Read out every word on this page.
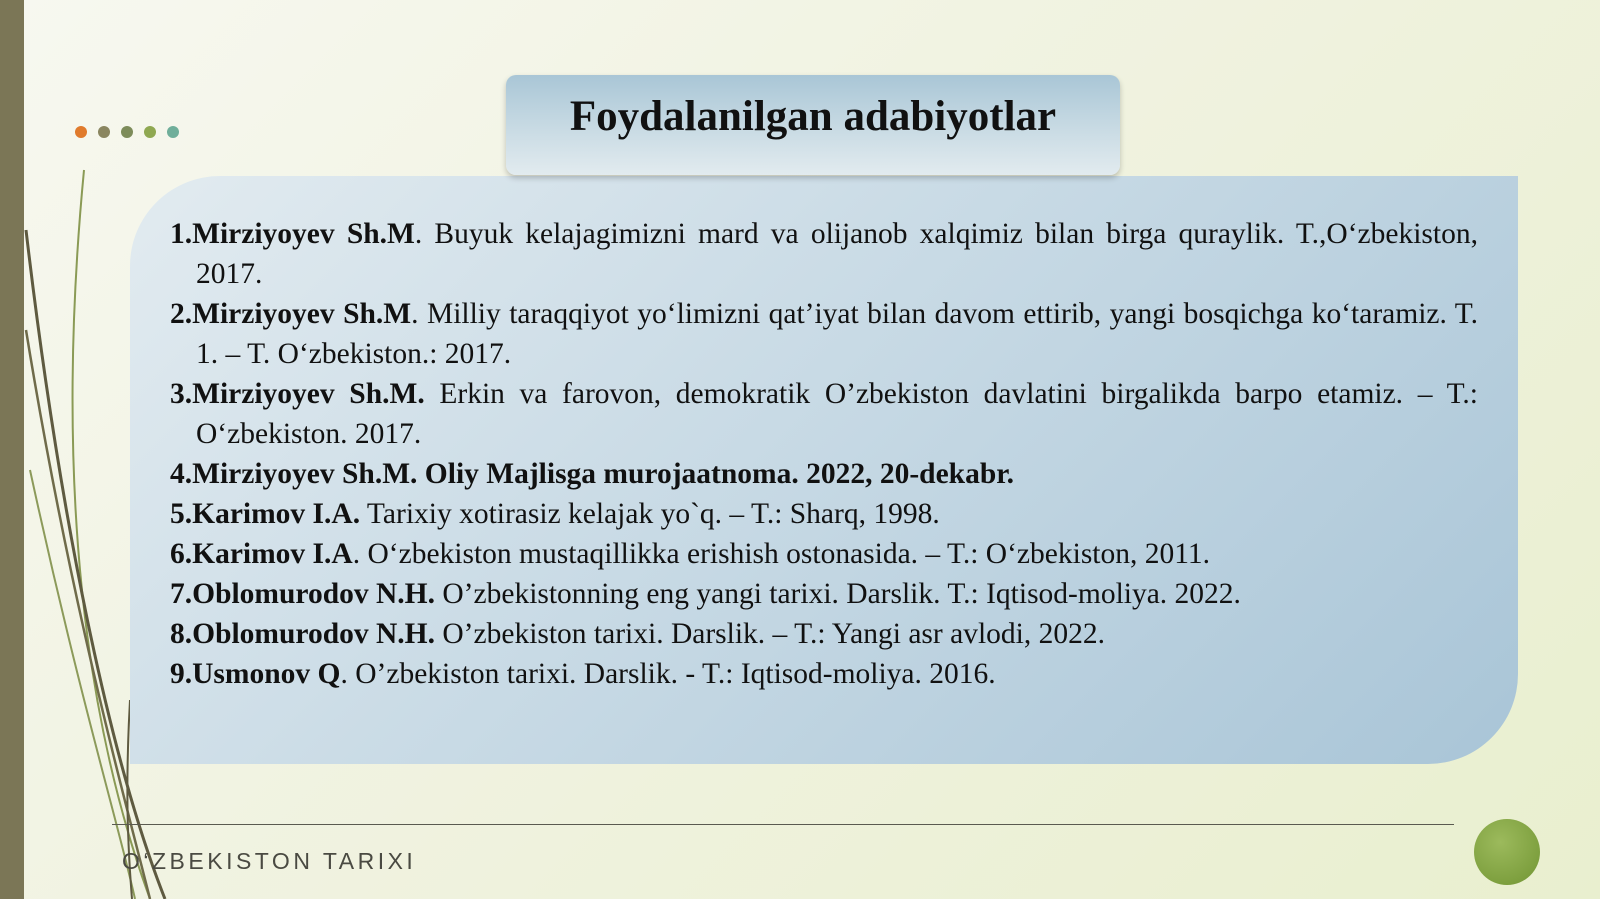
Foydalanilgan adabiyotlar
1.Mirziyoyev Sh.M. Buyuk kelajagimizni mard va olijanob xalqimiz bilan birga quraylik. T.,O‘zbekiston, 2017.
2.Mirziyoyev Sh.M. Milliy taraqqiyot yo‘limizni qat’iyat bilan davom ettirib, yangi bosqichga ko‘taramiz. T. 1. – T. O‘zbekiston.: 2017.
3.Mirziyoyev Sh.M. Erkin va farovon, demokratik O’zbekiston davlatini birgalikda barpo etamiz. – T.: O‘zbekiston. 2017.
4.Mirziyoyev Sh.M. Oliy Majlisga murojaatnoma. 2022, 20-dekabr.
5.Karimov I.A. Tarixiy xotirasiz kelajak yo`q. – T.: Sharq, 1998.
6.Karimov I.A. O‘zbekiston mustaqillikka erishish ostonasida. – T.: O‘zbekiston, 2011.
7.Oblomurodov N.H. O’zbekistonning eng yangi tarixi. Darslik. T.: Iqtisod-moliya. 2022.
8.Oblomurodov N.H. O’zbekiston tarixi. Darslik. – T.: Yangi asr avlodi, 2022.
9.Usmonov Q. O’zbekiston tarixi. Darslik. - T.: Iqtisod-moliya. 2016.
O‘ZBEKISTON TARIXI
